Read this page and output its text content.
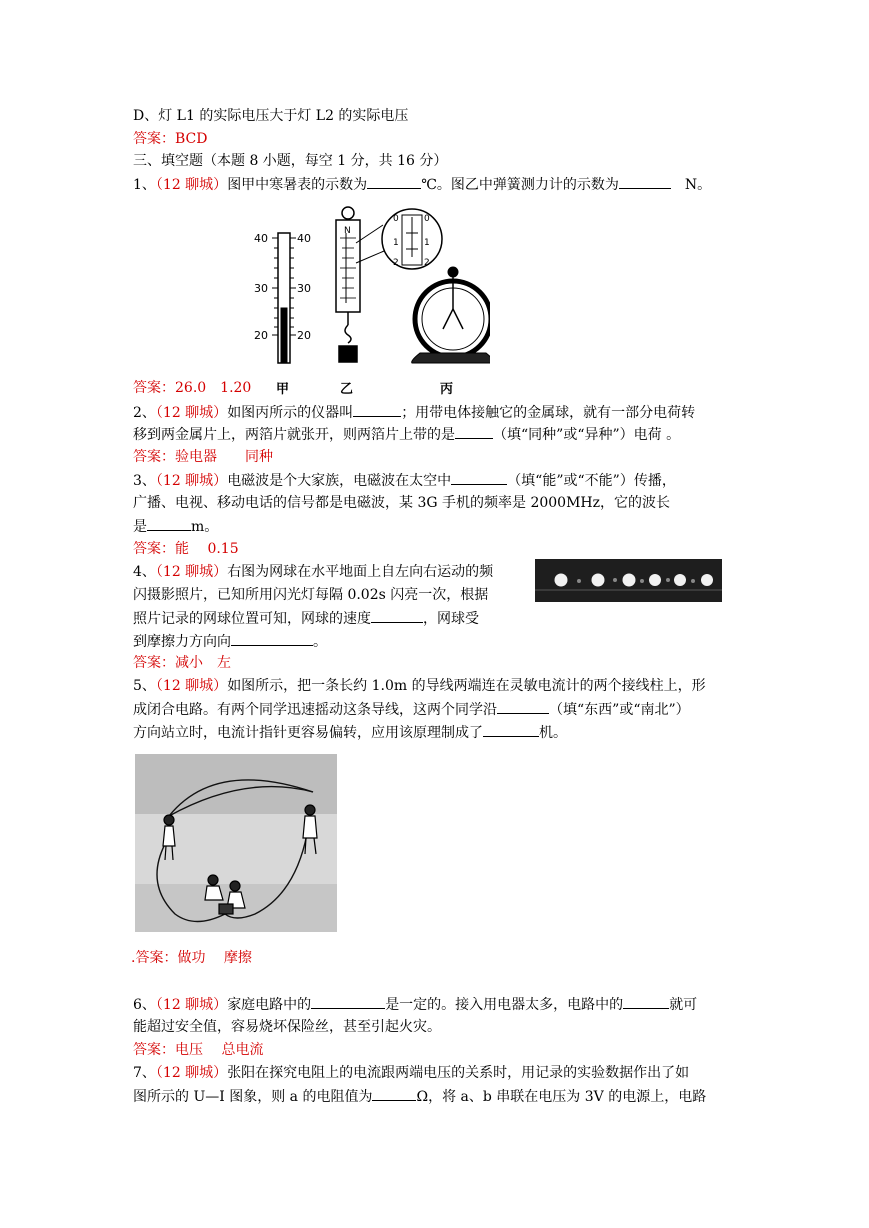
D、灯 L1 的实际电压大于灯 L2 的实际电压
答案：BCD
三、填空题（本题 8 小题，每空 1 分，共 16 分）
1、（12 聊城）图甲中寒暑表的示数为	℃。图乙中弹簧测力计的示数为	N。
40
30
20
40
30
20
N
0
1
2
0
1
2
甲	乙	丙
答案：26.0　1.20
2、（12 聊城）如图丙所示的仪器叫	；用带电体接触它的金属球，就有一部分电荷转
移到两金属片上，两箔片就张开，则两箔片上带的是	（填“同种”或“异种”）电荷 。
答案：验电器　　同种
3、（12 聊城）电磁波是个大家族，电磁波在太空中	（填“能”或“不能”）传播，
广播、电视、移动电话的信号都是电磁波，某 3G 手机的频率是 2000MHz，它的波长
是	m。
答案：能　 0.15
4、（12 聊城）右图为网球在水平地面上自左向右运动的频
闪摄影照片，已知所用闪光灯每隔 0.02s 闪亮一次，根据
照片记录的网球位置可知，网球的速度	，网球受
到摩擦力方向向	。
答案：减小　左
5、（12 聊城）如图所示，把一条长约 1.0m 的导线两端连在灵敏电流计的两个接线柱上，形
成闭合电路。有两个同学迅速摇动这条导线，这两个同学沿	（填“东西”或“南北”）
方向站立时，电流计指针更容易偏转，应用该原理制成了	机。
.答案：做功　 摩擦
6、（12 聊城）家庭电路中的	是一定的。接入用电器太多，电路中的	就可
能超过安全值，容易烧坏保险丝，甚至引起火灾。
答案：电压　 总电流
7、（12 聊城）张阳在探究电阻上的电流跟两端电压的关系时，用记录的实验数据作出了如
图所示的 U—I 图象，则 a 的电阻值为	Ω，将 a、b 串联在电压为 3V 的电源上，电路
